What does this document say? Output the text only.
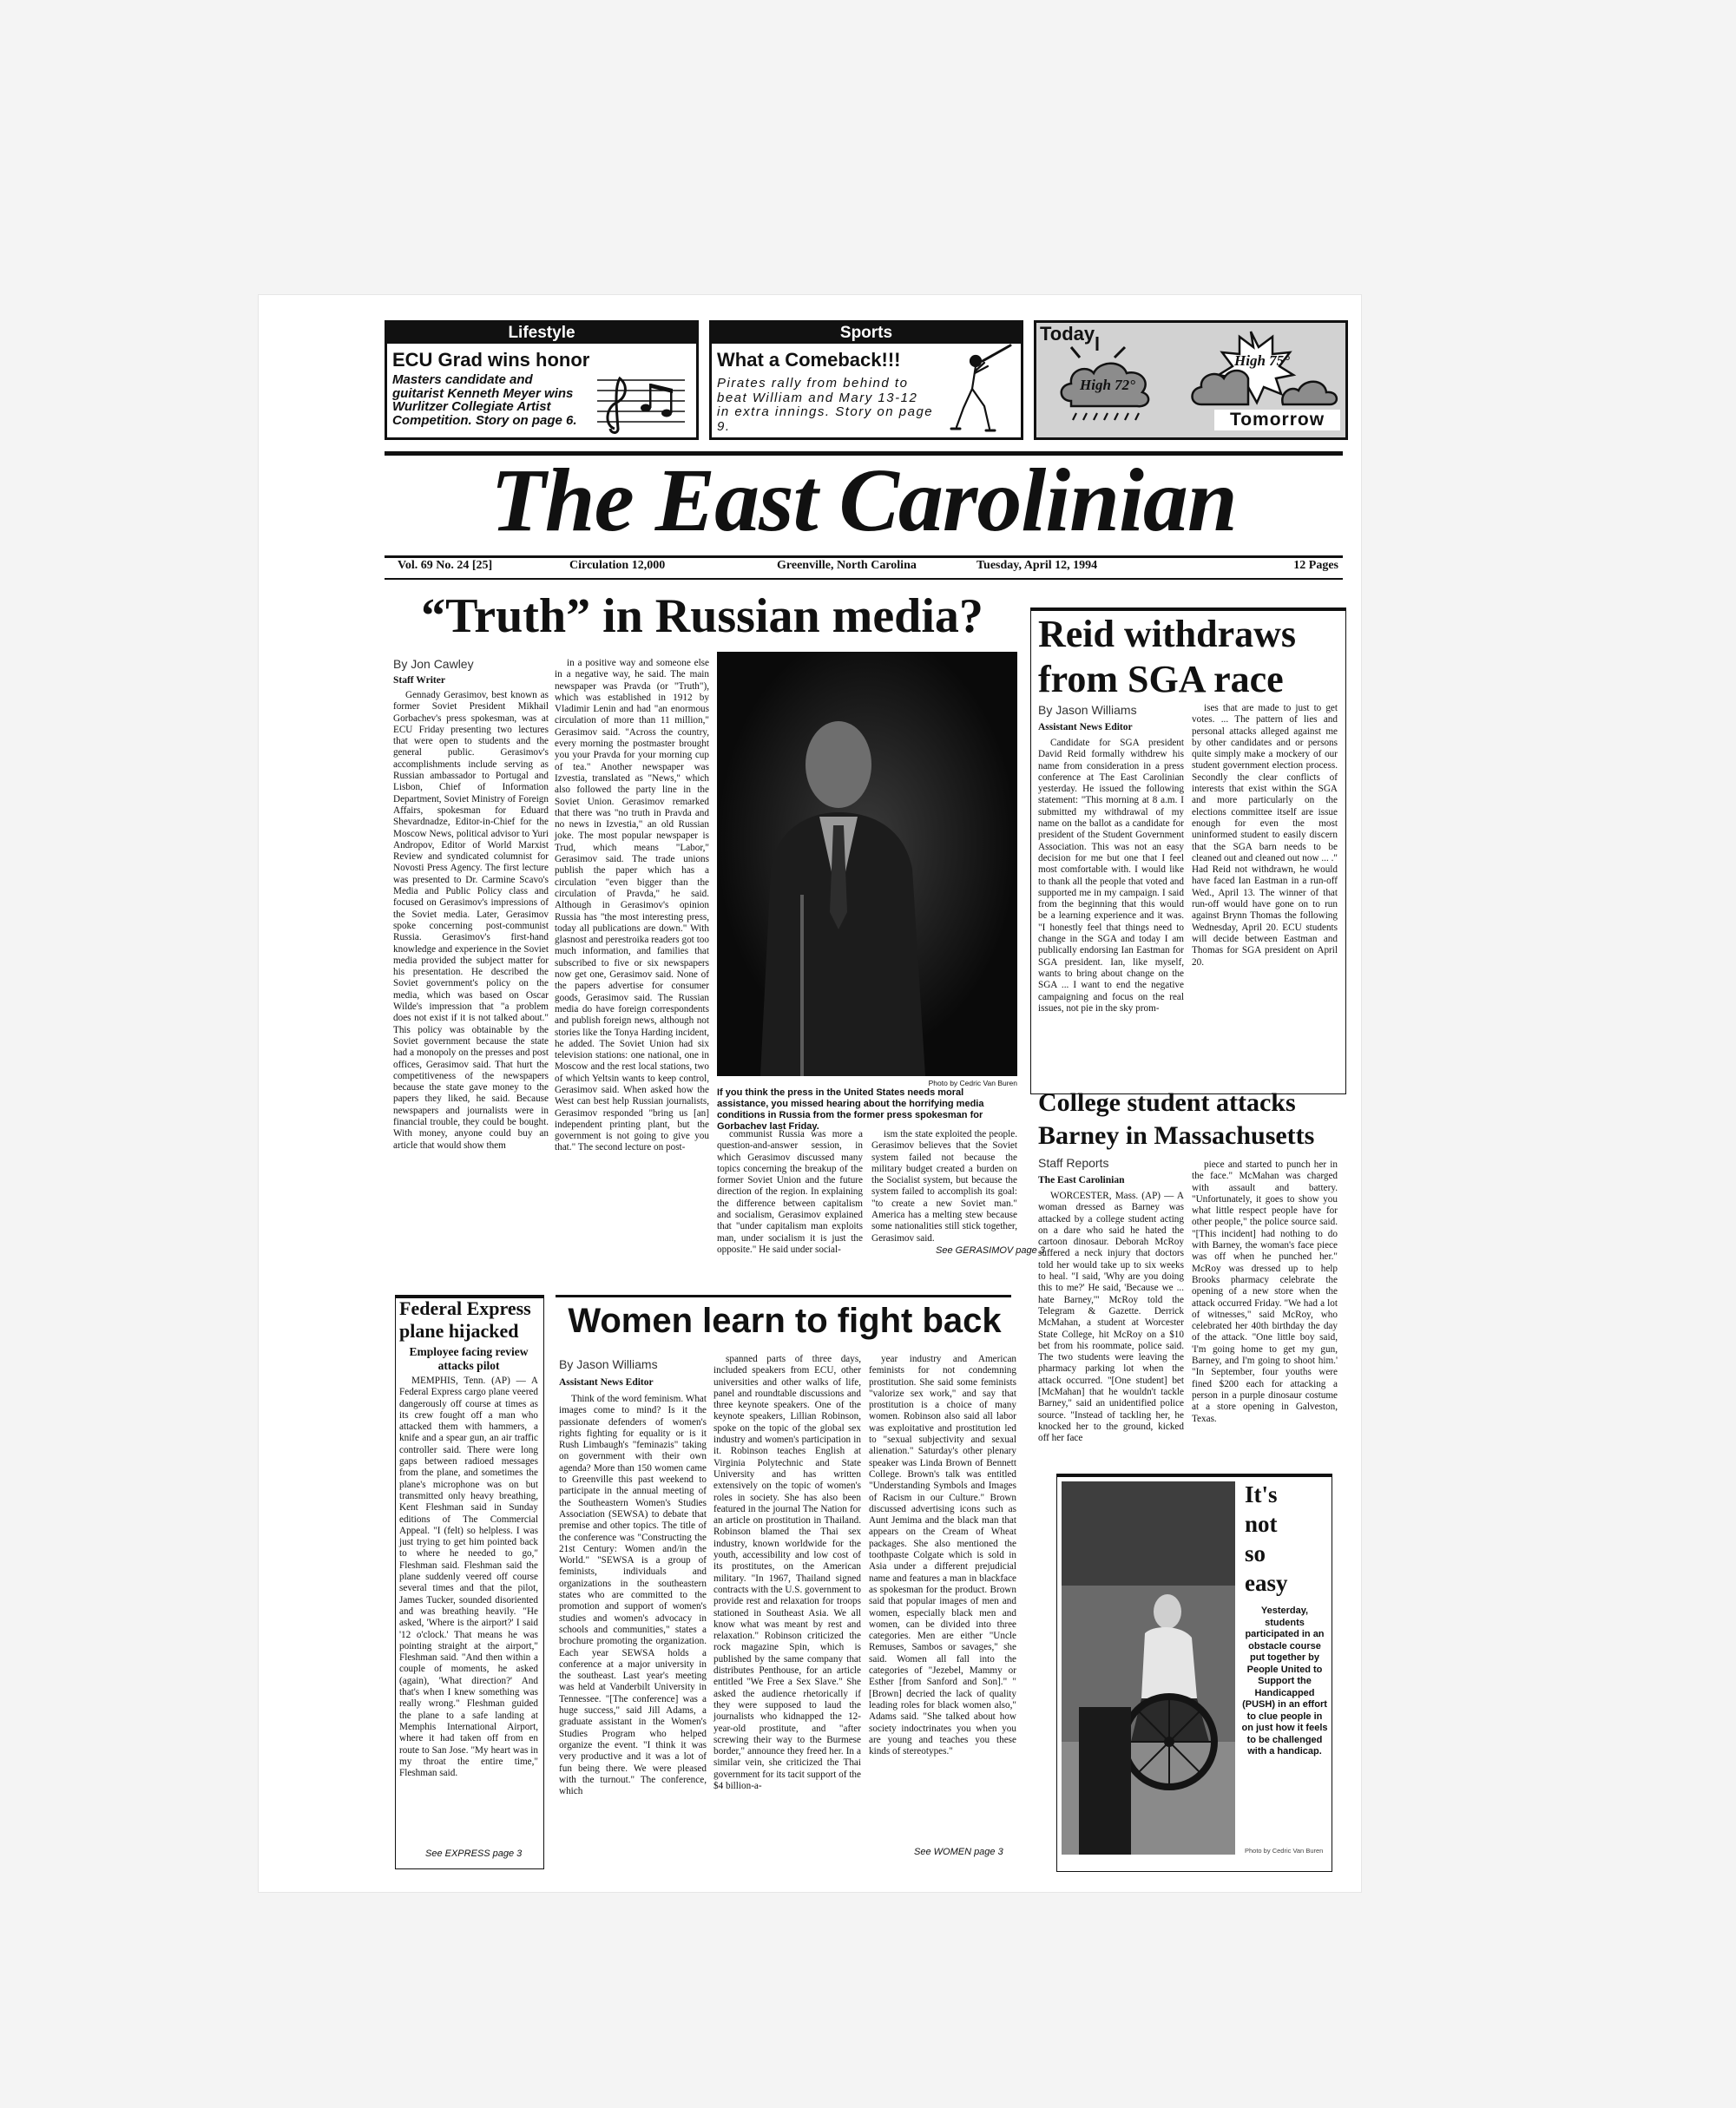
Lifestyle
ECU Grad wins honor
Masters candidate and guitarist Kenneth Meyer wins Wurlitzer Collegiate Artist Competition. Story on page 6.
Sports
What a Comeback!!!
Pirates rally from behind to beat William and Mary 13-12 in extra innings. Story on page 9.
Today
High 72°
High 75°
Tomorrow
The East Carolinian
Vol. 69 No. 24 [25]	Circulation 12,000	Greenville, North Carolina	Tuesday, April 12, 1994	12 Pages
“Truth” in Russian media?
By Jon Cawley
Staff Writer
Gennady Gerasimov, best known as former Soviet President Mikhail Gorbachev's press spokesman, was at ECU Friday presenting two lectures that were open to students and the general public. Gerasimov's accomplishments include serving as Russian ambassador to Portugal and Lisbon, Chief of Information Department, Soviet Ministry of Foreign Affairs, spokesman for Eduard Shevardnadze, Editor-in-Chief for the Moscow News, political advisor to Yuri Andropov, Editor of World Marxist Review and syndicated columnist for Novosti Press Agency. The first lecture was presented to Dr. Carmine Scavo's Media and Public Policy class and focused on Gerasimov's impressions of the Soviet media. Later, Gerasimov spoke concerning post-communist Russia. Gerasimov's first-hand knowledge and experience in the Soviet media provided the subject matter for his presentation. He described the Soviet government's policy on the media, which was based on Oscar Wilde's impression that "a problem does not exist if it is not talked about." This policy was obtainable by the Soviet government because the state had a monopoly on the presses and post offices, Gerasimov said. That hurt the competitiveness of the newspapers because the state gave money to the papers they liked, he said. Because newspapers and journalists were in financial trouble, they could be bought. With money, anyone could buy an article that would show them
in a positive way and someone else in a negative way, he said. The main newspaper was Pravda (or "Truth"), which was established in 1912 by Vladimir Lenin and had "an enormous circulation of more than 11 million," Gerasimov said. "Across the country, every morning the postmaster brought you your Pravda for your morning cup of tea." Another newspaper was Izvestia, translated as "News," which also followed the party line in the Soviet Union. Gerasimov remarked that there was "no truth in Pravda and no news in Izvestia," an old Russian joke. The most popular newspaper is Trud, which means "Labor," Gerasimov said. The trade unions publish the paper which has a circulation "even bigger than the circulation of Pravda," he said. Although in Gerasimov's opinion Russia has "the most interesting press, today all publications are down." With glasnost and perestroika readers got too much information, and families that subscribed to five or six newspapers now get one, Gerasimov said. None of the papers advertise for consumer goods, Gerasimov said. The Russian media do have foreign correspondents and publish foreign news, although not stories like the Tonya Harding incident, he added. The Soviet Union had six television stations: one national, one in Moscow and the rest local stations, two of which Yeltsin wants to keep control, Gerasimov said. When asked how the West can best help Russian journalists, Gerasimov responded "bring us [an] independent printing plant, but the government is not going to give you that." The second lecture on post-
Photo by Cedric Van Buren
If you think the press in the United States needs moral assistance, you missed hearing about the horrifying media conditions in Russia from the former press spokesman for Gorbachev last Friday.
communist Russia was more a question-and-answer session, in which Gerasimov discussed many topics concerning the breakup of the former Soviet Union and the future direction of the region. In explaining the difference between capitalism and socialism, Gerasimov explained that "under capitalism man exploits man, under socialism it is just the opposite." He said under social-
ism the state exploited the people. Gerasimov believes that the Soviet system failed not because the military budget created a burden on the Socialist system, but because the system failed to accomplish its goal: "to create a new Soviet man." America has a melting stew because some nationalities still stick together, Gerasimov said.
See GERASIMOV page 3
Reid withdraws from SGA race
By Jason Williams
Assistant News Editor
Candidate for SGA president David Reid formally withdrew his name from consideration in a press conference at The East Carolinian yesterday. He issued the following statement: "This morning at 8 a.m. I submitted my withdrawal of my name on the ballot as a candidate for president of the Student Government Association. This was not an easy decision for me but one that I feel most comfortable with. I would like to thank all the people that voted and supported me in my campaign. I said from the beginning that this would be a learning experience and it was. "I honestly feel that things need to change in the SGA and today I am publically endorsing Ian Eastman for SGA president. Ian, like myself, wants to bring about change on the SGA ... I want to end the negative campaigning and focus on the real issues, not pie in the sky prom-
ises that are made to just to get votes. ... The pattern of lies and personal attacks alleged against me by other candidates and or persons quite simply make a mockery of our student government election process. Secondly the clear conflicts of interests that exist within the SGA and more particularly on the elections committee itself are issue enough for even the most uninformed student to easily discern that the SGA barn needs to be cleaned out and cleaned out now ... ." Had Reid not withdrawn, he would have faced Ian Eastman in a run-off Wed., April 13. The winner of that run-off would have gone on to run against Brynn Thomas the following Wednesday, April 20. ECU students will decide between Eastman and Thomas for SGA president on April 20.
College student attacks Barney in Massachusetts
Staff Reports
The East Carolinian
WORCESTER, Mass. (AP) — A woman dressed as Barney was attacked by a college student acting on a dare who said he hated the cartoon dinosaur. Deborah McRoy suffered a neck injury that doctors told her would take up to six weeks to heal. "I said, 'Why are you doing this to me?' He said, 'Because we ... hate Barney,'" McRoy told the Telegram & Gazette. Derrick McMahan, a student at Worcester State College, hit McRoy on a $10 bet from his roommate, police said. The two students were leaving the pharmacy parking lot when the attack occurred. "[One student] bet [McMahan] that he wouldn't tackle Barney," said an unidentified police source. "Instead of tackling her, he knocked her to the ground, kicked off her face
piece and started to punch her in the face." McMahan was charged with assault and battery. "Unfortunately, it goes to show you what little respect people have for other people," the police source said. "[This incident] had nothing to do with Barney, the woman's face piece was off when he punched her." McRoy was dressed up to help Brooks pharmacy celebrate the opening of a new store when the attack occurred Friday. "We had a lot of witnesses," said McRoy, who celebrated her 40th birthday the day of the attack. "One little boy said, 'I'm going home to get my gun, Barney, and I'm going to shoot him.' "In September, four youths were fined $200 each for attacking a person in a purple dinosaur costume at a store opening in Galveston, Texas.
It's
not
so
easy
Yesterday, students participated in an obstacle course put together by People United to Support the Handicapped (PUSH) in an effort to clue people in on just how it feels to be challenged with a handicap.
Photo by Cedric Van Buren
Federal Express plane hijacked
Employee facing review attacks pilot
MEMPHIS, Tenn. (AP) — A Federal Express cargo plane veered dangerously off course at times as its crew fought off a man who attacked them with hammers, a knife and a spear gun, an air traffic controller said. There were long gaps between radioed messages from the plane, and sometimes the plane's microphone was on but transmitted only heavy breathing, Kent Fleshman said in Sunday editions of The Commercial Appeal. "I (felt) so helpless. I was just trying to get him pointed back to where he needed to go," Fleshman said. Fleshman said the plane suddenly veered off course several times and that the pilot, James Tucker, sounded disoriented and was breathing heavily. "He asked, 'Where is the airport?' I said '12 o'clock.' That means he was pointing straight at the airport," Fleshman said. "And then within a couple of moments, he asked (again), 'What direction?' And that's when I knew something was really wrong." Fleshman guided the plane to a safe landing at Memphis International Airport, where it had taken off from en route to San Jose. "My heart was in my throat the entire time," Fleshman said.
See EXPRESS page 3
Women learn to fight back
By Jason Williams
Assistant News Editor
Think of the word feminism. What images come to mind? Is it the passionate defenders of women's rights fighting for equality or is it Rush Limbaugh's "feminazis" taking on government with their own agenda? More than 150 women came to Greenville this past weekend to participate in the annual meeting of the Southeastern Women's Studies Association (SEWSA) to debate that premise and other topics. The title of the conference was "Constructing the 21st Century: Women and/in the World." "SEWSA is a group of feminists, individuals and organizations in the southeastern states who are committed to the promotion and support of women's studies and women's advocacy in schools and communities," states a brochure promoting the organization. Each year SEWSA holds a conference at a major university in the southeast. Last year's meeting was held at Vanderbilt University in Tennessee. "[The conference] was a huge success," said Jill Adams, a graduate assistant in the Women's Studies Program who helped organize the event. "I think it was very productive and it was a lot of fun being there. We were pleased with the turnout." The conference, which
spanned parts of three days, included speakers from ECU, other universities and other walks of life, panel and roundtable discussions and three keynote speakers. One of the keynote speakers, Lillian Robinson, spoke on the topic of the global sex industry and women's participation in it. Robinson teaches English at Virginia Polytechnic and State University and has written extensively on the topic of women's roles in society. She has also been featured in the journal The Nation for an article on prostitution in Thailand. Robinson blamed the Thai sex industry, known worldwide for the youth, accessibility and low cost of its prostitutes, on the American military. "In 1967, Thailand signed contracts with the U.S. government to provide rest and relaxation for troops stationed in Southeast Asia. We all know what was meant by rest and relaxation." Robinson criticized the rock magazine Spin, which is published by the same company that distributes Penthouse, for an article entitled "We Free a Sex Slave." She asked the audience rhetorically if they were supposed to laud the journalists who kidnapped the 12-year-old prostitute, and "after screwing their way to the Burmese border," announce they freed her. In a similar vein, she criticized the Thai government for its tacit support of the $4 billion-a-
year industry and American feminists for not condemning prostitution. She said some feminists "valorize sex work," and say that prostitution is a choice of many women. Robinson also said all labor was exploitative and prostitution led to "sexual subjectivity and sexual alienation." Saturday's other plenary speaker was Linda Brown of Bennett College. Brown's talk was entitled "Understanding Symbols and Images of Racism in our Culture." Brown discussed advertising icons such as Aunt Jemima and the black man that appears on the Cream of Wheat packages. She also mentioned the toothpaste Colgate which is sold in Asia under a different prejudicial name and features a man in blackface as spokesman for the product. Brown said that popular images of men and women, especially black men and women, can be divided into three categories. Men are either "Uncle Remuses, Sambos or savages," she said. Women all fall into the categories of "Jezebel, Mammy or Esther [from Sanford and Son]." "[Brown] decried the lack of quality leading roles for black women also," Adams said. "She talked about how society indoctrinates you when you are young and teaches you these kinds of stereotypes."
See WOMEN page 3
